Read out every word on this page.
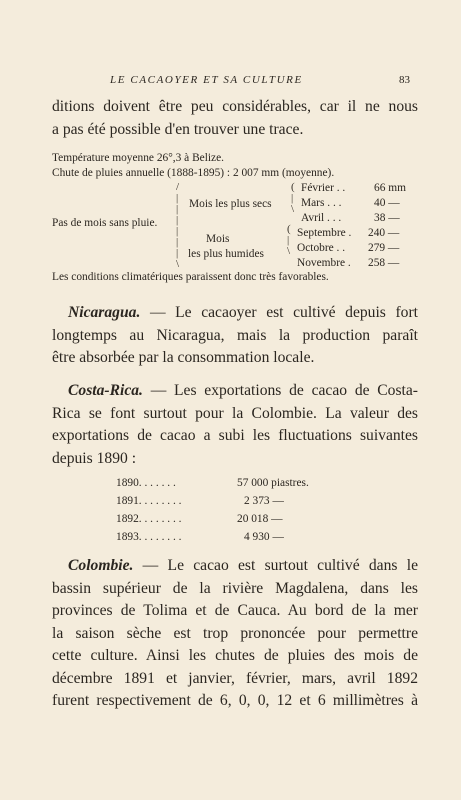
LE CACAOYER ET SA CULTURE	83
ditions doivent être peu considérables, car il ne nous
a pas été possible d'en trouver une trace.
Température moyenne 26°,3 à Belize.
Chute de pluies annuelle (1888-1895) : 2 007 mm (moyenne).
Pas de mois sans pluie.
/
|
|
|
|
|
|
\
Mois les plus secs
Mois
les plus humides
(
|
\
(
|
\
Février . .	66 mm
Mars . . .	40 —
Avril . . .	38 —
Septembre . 240 —
Octobre . . 279 —
Novembre . 258 —
Les conditions climatériques paraissent donc très favorables.
Nicaragua. — Le cacaoyer est cultivé depuis fort
longtemps au Nicaragua, mais la production paraît
être absorbée par la consommation locale.
Costa-Rica. — Les exportations de cacao de Costa-
Rica se font surtout pour la Colombie. La valeur des
exportations de cacao a subi les fluctuations suivantes
depuis 1890 :
1890. . . . . . .	57 000 piastres.
1891. . . . . . . .	2 373 —
1892. . . . . . . .	20 018 —
1893. . . . . . . .	4 930 —
Colombie. — Le cacao est surtout cultivé dans le
bassin supérieur de la rivière Magdalena, dans les
provinces de Tolima et de Cauca. Au bord de la mer
la saison sèche est trop prononcée pour permettre
cette culture. Ainsi les chutes de pluies des mois de
décembre 1891 et janvier, février, mars, avril 1892
furent respectivement de 6, 0, 0, 12 et 6 millimètres à
